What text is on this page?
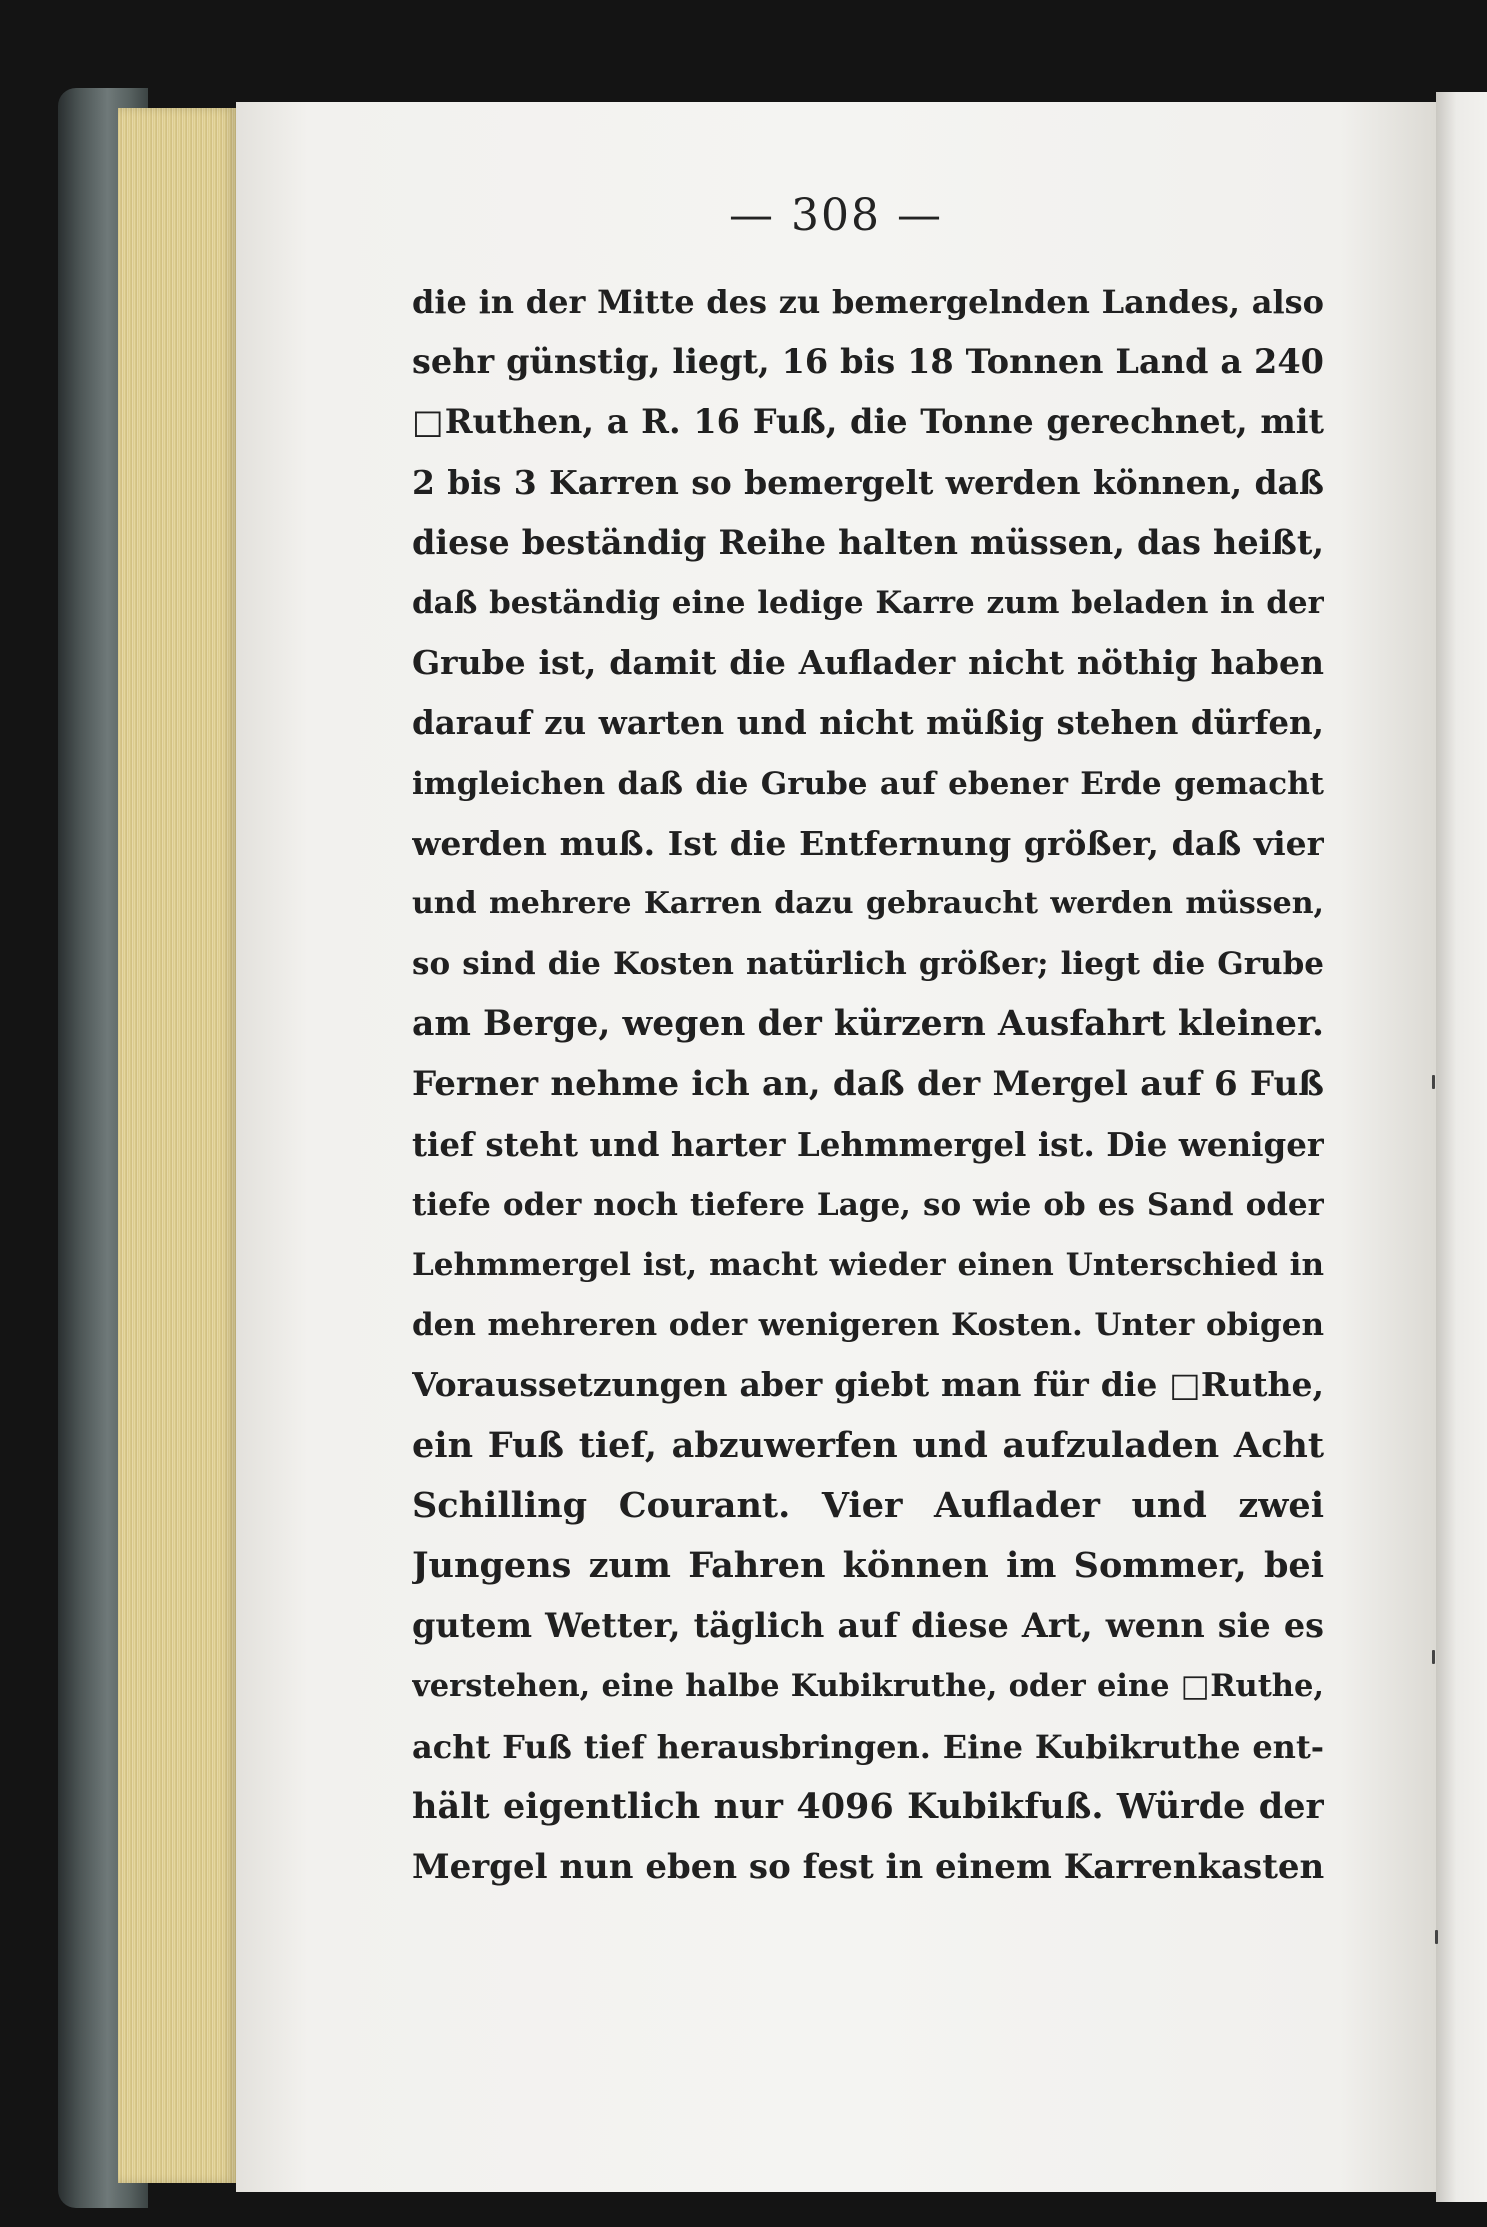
— 308 —
die in der Mitte des zu bemergelnden Landes, also
sehr günstig, liegt, 16 bis 18 Tonnen Land a 240
□Ruthen, a R. 16 Fuß, die Tonne gerechnet, mit
2 bis 3 Karren so bemergelt werden können, daß
diese beständig Reihe halten müssen, das heißt,
daß beständig eine ledige Karre zum beladen in der
Grube ist, damit die Auflader nicht nöthig haben
darauf zu warten und nicht müßig stehen dürfen,
imgleichen daß die Grube auf ebener Erde gemacht
werden muß. Ist die Entfernung größer, daß vier
und mehrere Karren dazu gebraucht werden müssen,
so sind die Kosten natürlich größer; liegt die Grube
am Berge, wegen der kürzern Ausfahrt kleiner.
Ferner nehme ich an, daß der Mergel auf 6 Fuß
tief steht und harter Lehmmergel ist. Die weniger
tiefe oder noch tiefere Lage, so wie ob es Sand oder
Lehmmergel ist, macht wieder einen Unterschied in
den mehreren oder wenigeren Kosten. Unter obigen
Voraussetzungen aber giebt man für die □Ruthe,
ein Fuß tief, abzuwerfen und aufzuladen Acht
Schilling Courant. Vier Auflader und zwei
Jungens zum Fahren können im Sommer, bei
gutem Wetter, täglich auf diese Art, wenn sie es
verstehen, eine halbe Kubikruthe, oder eine □Ruthe,
acht Fuß tief herausbringen. Eine Kubikruthe ent-
hält eigentlich nur 4096 Kubikfuß. Würde der
Mergel nun eben so fest in einem Karrenkasten
